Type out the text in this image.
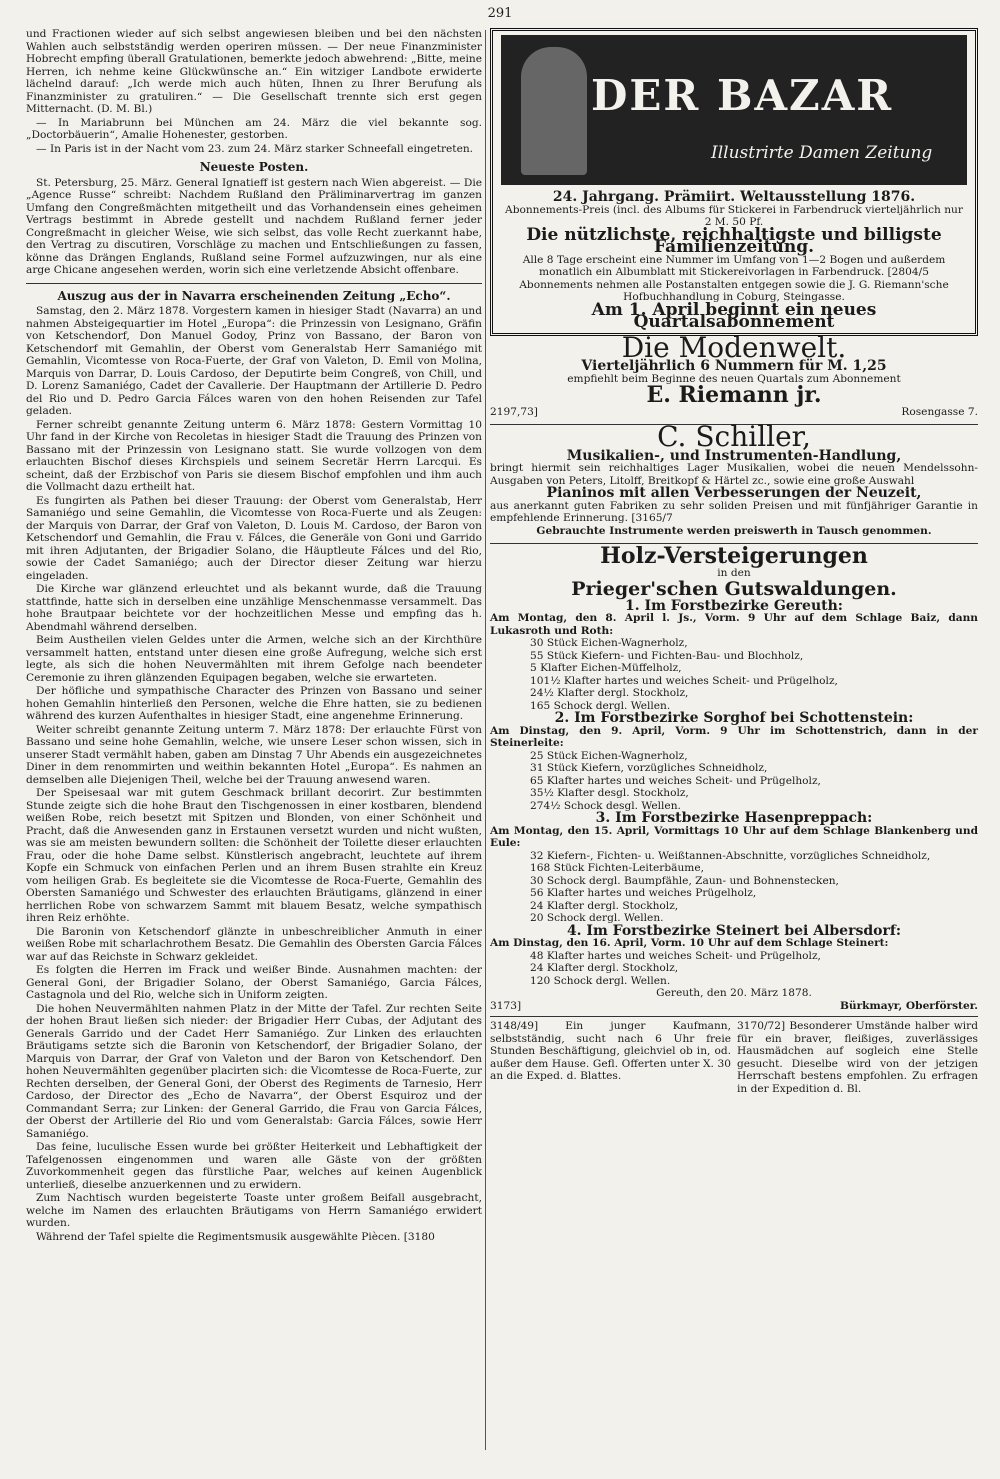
291

und Fractionen wieder auf sich selbst angewiesen bleiben und bei den nächsten Wahlen auch selbstständig werden operiren müssen. — Der neue Finanzminister Hobrecht empfing überall Gratulationen, bemerkte jedoch abwehrend: „Bitte, meine Herren, ich nehme keine Glückwünsche an.“ Ein witziger Landbote erwiderte lächelnd darauf: „Ich werde mich auch hüten, Ihnen zu Ihrer Berufung als Finanzminister zu gratuliren.“ — Die Gesellschaft trennte sich erst gegen Mitternacht. (D. M. Bl.)

— In Mariabrunn bei München am 24. März die viel bekannte sog. „Doctorbäuerin“, Amalie Hohenester, gestorben.

— In Paris ist in der Nacht vom 23. zum 24. März starker Schneefall eingetreten.

Neueste Posten.

St. Petersburg, 25. März. General Ignatieff ist gestern nach Wien abgereist. — Die „Agence Russe“ schreibt: Nachdem Rußland den Präliminarvertrag im ganzen Umfang den Congreßmächten mitgetheilt und das Vorhandensein eines geheimen Vertrags bestimmt in Abrede gestellt und nachdem Rußland ferner jeder Congreßmacht in gleicher Weise, wie sich selbst, das volle Recht zuerkannt habe, den Vertrag zu discutiren, Vorschläge zu machen und Entschließungen zu fassen, könne das Drängen Englands, Rußland seine Formel aufzuzwingen, nur als eine arge Chicane angesehen werden, worin sich eine verletzende Absicht offenbare.

Auszug aus der in Navarra erscheinenden Zeitung „Echo“.

Samstag, den 2. März 1878. Vorgestern kamen in hiesiger Stadt (Navarra) an und nahmen Absteigequartier im Hotel „Europa“: die Prinzessin von Lesignano, Gräfin von Ketschendorf, Don Manuel Godoy, Prinz von Bassano, der Baron von Ketschendorf mit Gemahlin, der Oberst vom Generalstab Herr Samaniégo mit Gemahlin, Vicomtesse von Roca-Fuerte, der Graf von Valeton, D. Emil von Molina, Marquis von Darrar, D. Louis Cardoso, der Deputirte beim Congreß, von Chill, und D. Lorenz Samaniégo, Cadet der Cavallerie. Der Hauptmann der Artillerie D. Pedro del Rio und D. Pedro Garcia Fálces waren von den hohen Reisenden zur Tafel geladen.

Ferner schreibt genannte Zeitung unterm 6. März 1878: Gestern Vormittag 10 Uhr fand in der Kirche von Recoletas in hiesiger Stadt die Trauung des Prinzen von Bassano mit der Prinzessin von Lesignano statt. Sie wurde vollzogen von dem erlauchten Bischof dieses Kirchspiels und seinem Secretär Herrn Larcqui. Es scheint, daß der Erzbischof von Paris sie diesem Bischof empfohlen und ihm auch die Vollmacht dazu ertheilt hat.

Es fungirten als Pathen bei dieser Trauung: der Oberst vom Generalstab, Herr Samaniégo und seine Gemahlin, die Vicomtesse von Roca-Fuerte und als Zeugen: der Marquis von Darrar, der Graf von Valeton, D. Louis M. Cardoso, der Baron von Ketschendorf und Gemahlin, die Frau v. Fálces, die Generäle von Goni und Garrido mit ihren Adjutanten, der Brigadier Solano, die Häuptleute Fálces und del Rio, sowie der Cadet Samaniégo; auch der Director dieser Zeitung war hierzu eingeladen.

Die Kirche war glänzend erleuchtet und als bekannt wurde, daß die Trauung stattfinde, hatte sich in derselben eine unzählige Menschenmasse versammelt. Das hohe Brautpaar beichtete vor der hochzeitlichen Messe und empfing das h. Abendmahl während derselben.

Beim Austheilen vielen Geldes unter die Armen, welche sich an der Kirchthüre versammelt hatten, entstand unter diesen eine große Aufregung, welche sich erst legte, als sich die hohen Neuvermählten mit ihrem Gefolge nach beendeter Ceremonie zu ihren glänzenden Equipagen begaben, welche sie erwarteten.

Der höfliche und sympathische Character des Prinzen von Bassano und seiner hohen Gemahlin hinterließ den Personen, welche die Ehre hatten, sie zu bedienen während des kurzen Aufenthaltes in hiesiger Stadt, eine angenehme Erinnerung.

Weiter schreibt genannte Zeitung unterm 7. März 1878: Der erlauchte Fürst von Bassano und seine hohe Gemahlin, welche, wie unsere Leser schon wissen, sich in unserer Stadt vermählt haben, gaben am Dinstag 7 Uhr Abends ein ausgezeichnetes Diner in dem renommirten und weithin bekannten Hotel „Europa“. Es nahmen an demselben alle Diejenigen Theil, welche bei der Trauung anwesend waren.

Der Speisesaal war mit gutem Geschmack brillant decorirt. Zur bestimmten Stunde zeigte sich die hohe Braut den Tischgenossen in einer kostbaren, blendend weißen Robe, reich besetzt mit Spitzen und Blonden, von einer Schönheit und Pracht, daß die Anwesenden ganz in Erstaunen versetzt wurden und nicht wußten, was sie am meisten bewundern sollten: die Schönheit der Toilette dieser erlauchten Frau, oder die hohe Dame selbst. Künstlerisch angebracht, leuchtete auf ihrem Kopfe ein Schmuck von einfachen Perlen und an ihrem Busen strahlte ein Kreuz vom heiligen Grab. Es begleitete sie die Vicomtesse de Roca-Fuerte, Gemahlin des Obersten Samaniégo und Schwester des erlauchten Bräutigams, glänzend in einer herrlichen Robe von schwarzem Sammt mit blauem Besatz, welche sympathisch ihren Reiz erhöhte.

Die Baronin von Ketschendorf glänzte in unbeschreiblicher Anmuth in einer weißen Robe mit scharlachrothem Besatz. Die Gemahlin des Obersten Garcia Fálces war auf das Reichste in Schwarz gekleidet.

Es folgten die Herren im Frack und weißer Binde. Ausnahmen machten: der General Goni, der Brigadier Solano, der Oberst Samaniégo, Garcia Fálces, Castagnola und del Rio, welche sich in Uniform zeigten.

Die hohen Neuvermählten nahmen Platz in der Mitte der Tafel. Zur rechten Seite der hohen Braut ließen sich nieder: der Brigadier Herr Cubas, der Adjutant des Generals Garrido und der Cadet Herr Samaniégo. Zur Linken des erlauchten Bräutigams setzte sich die Baronin von Ketschendorf, der Brigadier Solano, der Marquis von Darrar, der Graf von Valeton und der Baron von Ketschendorf. Den hohen Neuvermählten gegenüber placirten sich: die Vicomtesse de Roca-Fuerte, zur Rechten derselben, der General Goni, der Oberst des Regiments de Tarnesio, Herr Cardoso, der Director des „Echo de Navarra“, der Oberst Esquiroz und der Commandant Serra; zur Linken: der General Garrido, die Frau von Garcia Fálces, der Oberst der Artillerie del Rio und vom Generalstab: Garcia Fálces, sowie Herr Samaniégo.

Das feine, luculische Essen wurde bei größter Heiterkeit und Lebhaftigkeit der Tafelgenossen eingenommen und waren alle Gäste von der größten Zuvorkommenheit gegen das fürstliche Paar, welches auf keinen Augenblick unterließ, dieselbe anzuerkennen und zu erwidern.

Zum Nachtisch wurden begeisterte Toaste unter großem Beifall ausgebracht, welche im Namen des erlauchten Bräutigams von Herrn Samaniégo erwidert wurden.

Während der Tafel spielte die Regimentsmusik ausgewählte Piècen. [3180

DER BAZAR
Illustrirte Damen Zeitung
24. Jahrgang. Prämiirt. Weltausstellung 1876.
Abonnements-Preis (incl. des Albums für Stickerei in Farbendruck vierteljährlich nur 2 M. 50 Pf.
Die nützlichste, reichhaltigste und billigste Familienzeitung.
Alle 8 Tage erscheint eine Nummer im Umfang von 1—2 Bogen und außerdem monatlich ein Albumblatt mit Stickereivorlagen in Farbendruck. [2804/5
Abonnements nehmen alle Postanstalten entgegen sowie die J. G. Riemann'sche Hofbuchhandlung in Coburg, Steingasse.
Am 1. April beginnt ein neues Quartalsabonnement
Die Modenwelt.
Vierteljährlich 6 Nummern für M. 1,25
empfiehlt beim Beginne des neuen Quartals zum Abonnement
E. Riemann jr.
2197,73]	Rosengasse 7.
C. Schiller,
Musikalien-, und Instrumenten-Handlung,
bringt hiermit sein reichhaltiges Lager Musikalien, wobei die neuen Mendelssohn-Ausgaben von Peters, Litolff, Breitkopf & Härtel zc., sowie eine große Auswahl
Pianinos mit allen Verbesserungen der Neuzeit,
aus anerkannt guten Fabriken zu sehr soliden Preisen und mit fünfjähriger Garantie in empfehlende Erinnerung. [3165/7
Gebrauchte Instrumente werden preiswerth in Tausch genommen.
Holz-Versteigerungen
in den
Prieger'schen Gutswaldungen.
1. Im Forstbezirke Gereuth:
Am Montag, den 8. April l. Js., Vorm. 9 Uhr auf dem Schlage Baiz, dann Lukasroth und Roth:
30 Stück Eichen-Wagnerholz,
55 Stück Kiefern- und Fichten-Bau- und Blochholz,
5 Klafter Eichen-Müffelholz,
101½ Klafter hartes und weiches Scheit- und Prügelholz,
24½ Klafter dergl. Stockholz,
165 Schock dergl. Wellen.
2. Im Forstbezirke Sorghof bei Schottenstein:
Am Dinstag, den 9. April, Vorm. 9 Uhr im Schottenstrich, dann in der Steinerleite:
25 Stück Eichen-Wagnerholz,
31 Stück Kiefern, vorzügliches Schneidholz,
65 Klafter hartes und weiches Scheit- und Prügelholz,
35½ Klafter desgl. Stockholz,
274½ Schock desgl. Wellen.
3. Im Forstbezirke Hasenpreppach:
Am Montag, den 15. April, Vormittags 10 Uhr auf dem Schlage Blankenberg und Eule:
32 Kiefern-, Fichten- u. Weißtannen-Abschnitte, vorzügliches Schneidholz,
168 Stück Fichten-Leiterbäume,
30 Schock dergl. Baumpfähle, Zaun- und Bohnenstecken,
56 Klafter hartes und weiches Prügelholz,
24 Klafter dergl. Stockholz,
20 Schock dergl. Wellen.
4. Im Forstbezirke Steinert bei Albersdorf:
Am Dinstag, den 16. April, Vorm. 10 Uhr auf dem Schlage Steinert:
48 Klafter hartes und weiches Scheit- und Prügelholz,
24 Klafter dergl. Stockholz,
120 Schock dergl. Wellen.
Gereuth, den 20. März 1878.
3173]	Bürkmayr, Oberförster.
3148/49] Ein junger Kaufmann, selbstständig, sucht nach 6 Uhr freie Stunden Beschäftigung, gleichviel ob in, od. außer dem Hause. Gefl. Offerten unter X. 30 an die Exped. d. Blattes.
3170/72] Besonderer Umstände halber wird für ein braver, fleißiges, zuverlässiges Hausmädchen auf sogleich eine Stelle gesucht. Dieselbe wird von der jetzigen Herrschaft bestens empfohlen. Zu erfragen in der Expedition d. Bl.
